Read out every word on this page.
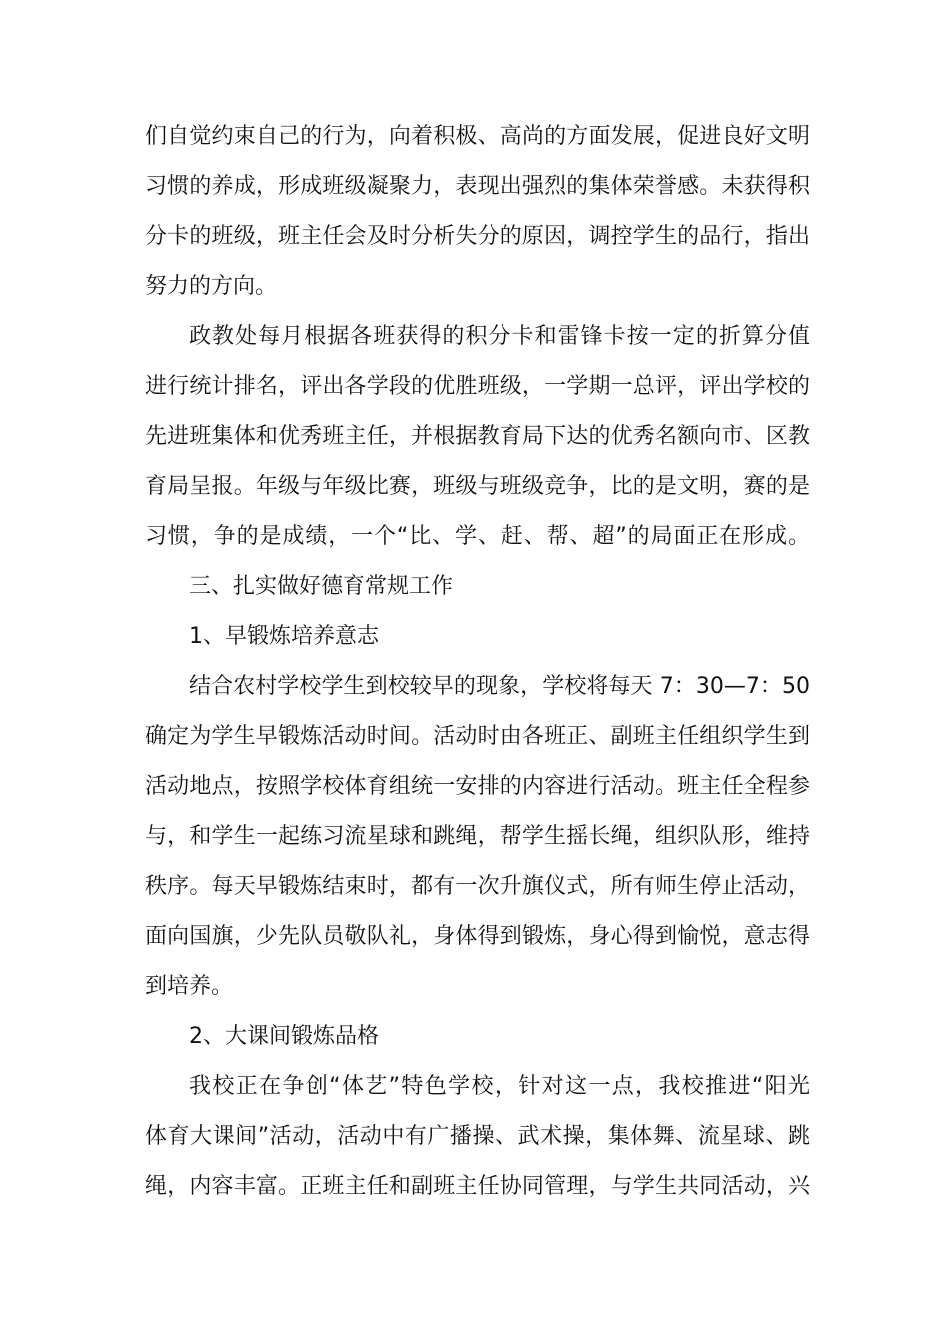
们自觉约束自己的行为，向着积极、高尚的方面发展，促进良好文明
习惯的养成，形成班级凝聚力，表现出强烈的集体荣誉感。未获得积
分卡的班级，班主任会及时分析失分的原因，调控学生的品行，指出
努力的方向。
政教处每月根据各班获得的积分卡和雷锋卡按一定的折算分值
进行统计排名，评出各学段的优胜班级，一学期一总评，评出学校的
先进班集体和优秀班主任，并根据教育局下达的优秀名额向市、区教
育局呈报。年级与年级比赛，班级与班级竞争，比的是文明，赛的是
习惯，争的是成绩，一个“比、学、赶、帮、超”的局面正在形成。
三、扎实做好德育常规工作
1、早锻炼培养意志
结合农村学校学生到校较早的现象，学校将每天 7：30—7：50
确定为学生早锻炼活动时间。活动时由各班正、副班主任组织学生到
活动地点，按照学校体育组统一安排的内容进行活动。班主任全程参
与，和学生一起练习流星球和跳绳，帮学生摇长绳，组织队形，维持
秩序。每天早锻炼结束时，都有一次升旗仪式，所有师生停止活动，
面向国旗，少先队员敬队礼，身体得到锻炼，身心得到愉悦，意志得
到培养。
2、大课间锻炼品格
我校正在争创“体艺”特色学校，针对这一点，我校推进“阳光
体育大课间”活动，活动中有广播操、武术操，集体舞、流星球、跳
绳，内容丰富。正班主任和副班主任协同管理，与学生共同活动，兴
